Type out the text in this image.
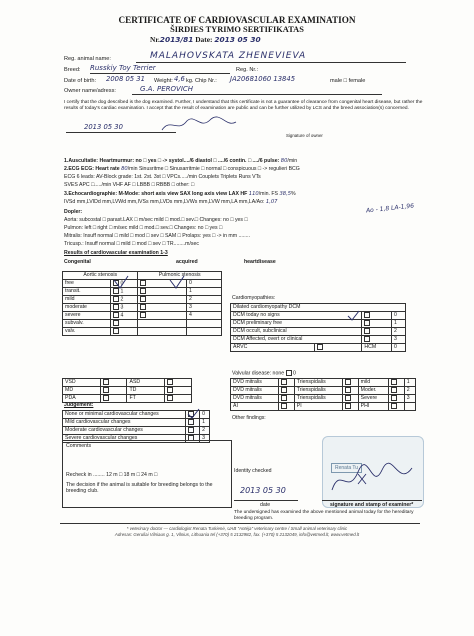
CERTIFICATE OF CARDIOVASCULAR EXAMINATION
ŠIRDIES TYRIMO SERTIFIKATAS
Nr.2013/81 Date: 2013 05 30
Reg. animal name:	MALAHOVSKATA ZHENEVIEVA
Breed: Russkiy Toy Terrier	Reg. Nr.:
Date of birth: 2008 05 31 Weight: 4,6 kg. Chip Nr.: JA20681060 13845	male □ female
Owner name/adress:	G.A. PEROVICH
I certify that the dog described is the dog examined. Further, I understand that this certificate is not a guarantee of clearance from congenital heart disease, but rather the results of today's cardiac examination. I accept that the result of examination are public and can be further utilized by LCS and the breed association(s) concerned.
2013 05 30
Signature of owner
1.Auscultatie: Heartmurmur: no □ yes □ -> systol..../6 diastol □ ..../6 contin. □ ..../6 pulse: 80/min
2.ECG ECG: Heart rate 80/min Sinusritme □ Sinusarritmie □ normal □ conspicuous □ -> regulieri BCG
ECG 6 leads: AV-Block grade: 1st. 2st. 3st □ VPCs...../min Couplets Triplets Runs VTs
SVES APC □...../min VHF AF □ LBBB □ RBBB □ other: □
3.Echocardiographie: M-Mode: short axis view SAX long axis view LAX HF 110/min. FS 38,5%
IVSd mm,LVIDd mm,LVWd mm,IVSs mm,LVDs mm,LVWs mm,LVW mm,LA mm,LA/Ao: 1,07
Ao - 1,8 LA-1,96
Dopler:
Aorta: subcostal □ parast.LAX □ m/sec mild □ mod.□ sev.□ Changes: no □ yes □
Pulmon: left □ right □ m/sec mild □ mod.□ sev.□ Changes: no □ yes □
Mitralis: Insuff normal □ mild □ mod □ sev □ SAM □ Prolaps: yes □ -> in mm ........
Tricusp.: Insuff normal □ mild □ mod □ sev □ TR........m/sec
Results of cardiovascular examination 1-3
Congenital	acquired	heartdisease
Aortic stenosis		Pulmonic stenosis	
free	0		0
transit.	1		1
mild	2		2
moderate	3		3
severe	4		4
subvalv.			
valv.			
VSD		ASD	
MD		TD	
PDA		FT	
Judgement:
None or minimal cardiovascular changes		0
Mild cardiovascular changes		1
Moderate cardiovascular changes		2
Severe cardiovascular changes		3
Comments
Recheck in ........ 12 m □ 18 m □ 24 m □
The decision if the animal is suitable for breeding belongs to the breeding club.
Cardiomyopathies:
Dilated cardiomyopathy DCM			
DCM today no signs			0
DCM preliminary free			1
DCM occult, subclinical			2
DCM Affected, overt or clinical			3
ARVC		HCM	0
Valvular disease: none 0
DVD mitralis		Trienspidalis		mild		1
DVD mitralis		Trienspidalis		Moder.		2
DVD mitralis		Trienspidalis		Severe		3
AI		PI		PHI		
Other findings:
Identity checked
2013 05 30
date
Renata Tu
signature and stamp of examiner*
The undersigned has examined the above mentioned animal today for the hereditary breeding program.
* veterinary doctor — cardiologist Renata Turkienė, UAB "Antėja" veterinary centre / Small animal veterinary clinic
Adresas: Geruliai Vilniaus g. 1, Vilnius, Lithuania tel (+370) 5 2132982, fax. (+370) 5 2132049, info@vetmed.lt, www.vetmed.lt
